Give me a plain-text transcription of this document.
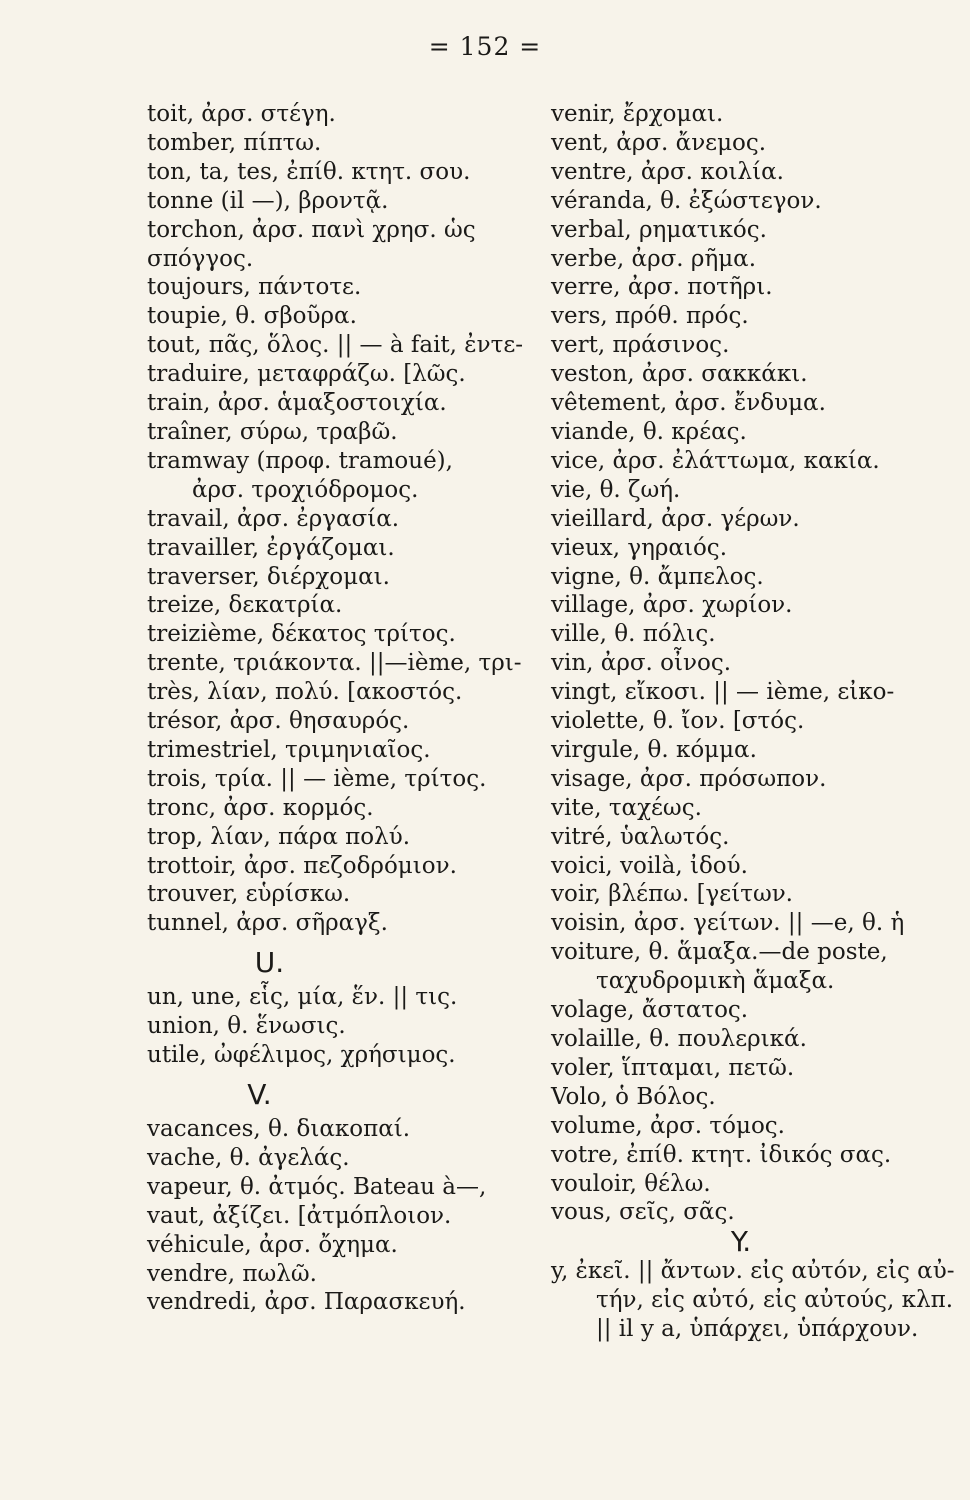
= 152 =
toit, ἀρσ. στέγη.
tomber, πίπτω.
ton, ta, tes, ἐπίθ. κτητ. σου.
tonne (il —), βροντᾷ.
torchon, ἀρσ. πανὶ χρησ. ὡς
σπόγγος.
toujours, πάντοτε.
toupie, θ. σβοῦρα.
tout, πᾶς, ὅλος. || — à fait, ἐντε-
traduire, μεταφράζω. [λῶς.
train, ἀρσ. ἁμαξοστοιχία.
traîner, σύρω, τραβῶ.
tramway (προφ. tramoué),
ἀρσ. τροχιόδρομος.
travail, ἀρσ. ἐργασία.
travailler, ἐργάζομαι.
traverser, διέρχομαι.
treize, δεκατρία.
treizième, δέκατος τρίτος.
trente, τριάκοντα. ||—ième, τρι-
très, λίαν, πολύ. [ακοστός.
trésor, ἀρσ. θησαυρός.
trimestriel, τριμηνιαῖος.
trois, τρία. || — ième, τρίτος.
tronc, ἀρσ. κορμός.
trop, λίαν, πάρα πολύ.
trottoir, ἀρσ. πεζοδρόμιον.
trouver, εὑρίσκω.
tunnel, ἀρσ. σῆραγξ.
U.
un, une, εἷς, μία, ἕν. || τις.
union, θ. ἕνωσις.
utile, ὠφέλιμος, χρήσιμος.
V.
vacances, θ. διακοπαί.
vache, θ. ἀγελάς.
vapeur, θ. ἀτμός. Bateau à—,
vaut, ἀξίζει. [ἀτμόπλοιον.
véhicule, ἀρσ. ὄχημα.
vendre, πωλῶ.
vendredi, ἀρσ. Παρασκευή.
venir, ἔρχομαι.
vent, ἀρσ. ἄνεμος.
ventre, ἀρσ. κοιλία.
véranda, θ. ἐξώστεγον.
verbal, ρηματικός.
verbe, ἀρσ. ρῆμα.
verre, ἀρσ. ποτῆρι.
vers, πρόθ. πρός.
vert, πράσινος.
veston, ἀρσ. σακκάκι.
vêtement, ἀρσ. ἔνδυμα.
viande, θ. κρέας.
vice, ἀρσ. ἐλάττωμα, κακία.
vie, θ. ζωή.
vieillard, ἀρσ. γέρων.
vieux, γηραιός.
vigne, θ. ἄμπελος.
village, ἀρσ. χωρίον.
ville, θ. πόλις.
vin, ἀρσ. οἶνος.
vingt, εἴκοσι. || — ième, εἰκο-
violette, θ. ἴον. [στός.
virgule, θ. κόμμα.
visage, ἀρσ. πρόσωπον.
vite, ταχέως.
vitré, ὑαλωτός.
voici, voilà, ἰδού.
voir, βλέπω. [γείτων.
voisin, ἀρσ. γείτων. || —e, θ. ἡ
voiture, θ. ἅμαξα.—de poste,
ταχυδρομικὴ ἅμαξα.
volage, ἄστατος.
volaille, θ. πουλερικά.
voler, ἵπταμαι, πετῶ.
Volo, ὁ Βόλος.
volume, ἀρσ. τόμος.
votre, ἐπίθ. κτητ. ἰδικός σας.
vouloir, θέλω.
vous, σεῖς, σᾶς.
Y.
y, ἐκεῖ. || ἄντων. εἰς αὐτόν, εἰς αὐ-
τήν, εἰς αὐτό, εἰς αὐτούς, κλπ.
|| il y a, ὑπάρχει, ὑπάρχουν.
